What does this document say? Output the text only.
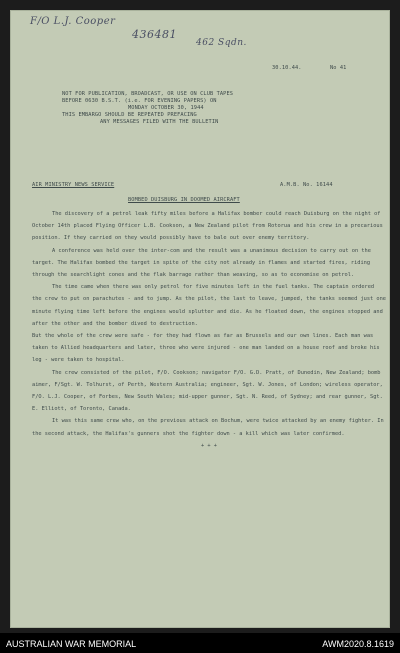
F/O L.J. Cooper
436481
462 Sqdn.
30.10.44.	No 41
NOT FOR PUBLICATION, BROADCAST, OR USE ON CLUB TAPES
BEFORE 0630 B.S.T. (i.e. FOR EVENING PAPERS) ON
MONDAY OCTOBER 30, 1944
THIS EMBARGO SHOULD BE REPEATED PREFACING
ANY MESSAGES FILED WITH THE BULLETIN
AIR MINISTRY NEWS SERVICE	A.M.B. No. 16144
BOMBED DUISBURG IN DOOMED AIRCRAFT

The discovery of a petrol leak fifty miles before a Halifax bomber could reach Duisburg on the night of October 14th placed Flying Officer L.B. Cookson, a New Zealand pilot from Rotorua and his crew in a precarious position. If they carried on they would possibly have to bale out over enemy territory.

A conference was held over the inter-com and the result was a unanimous decision to carry out on the target. The Halifax bombed the target in spite of the city not already in flames and started fires, riding through the searchlight cones and the flak barrage rather than weaving, so as to economise on petrol.

The time came when there was only petrol for five minutes left in the fuel tanks. The captain ordered the crew to put on parachutes - and to jump. As the pilot, the last to leave, jumped, the tanks seemed just one minute flying time left before the engines would splutter and die. As he floated down, the engines stopped and after the other and the bomber dived to destruction.

But the whole of the crew were safe - for they had flown as far as Brussels and our own lines. Each man was taken to Allied headquarters and later, three who were injured - one man landed on a house roof and broke his leg - were taken to hospital.

The crew consisted of the pilot, F/O. Cookson; navigator F/O. G.D. Pratt, of Dunedin, New Zealand; bomb aimer, F/Sgt. W. Tolhurst, of Perth, Western Australia; engineer, Sgt. W. Jones, of London; wireless operator, F/O. L.J. Cooper, of Forbes, New South Wales; mid-upper gunner, Sgt. N. Reed, of Sydney; and rear gunner, Sgt. E. Elliott, of Toronto, Canada.

It was this same crew who, on the previous attack on Bochum, were twice attacked by an enemy fighter. In the second attack, the Halifax's gunners shot the fighter down - a kill which was later confirmed.

+ + +

AUSTRALIAN WAR MEMORIAL	AWM2020.8.1619
